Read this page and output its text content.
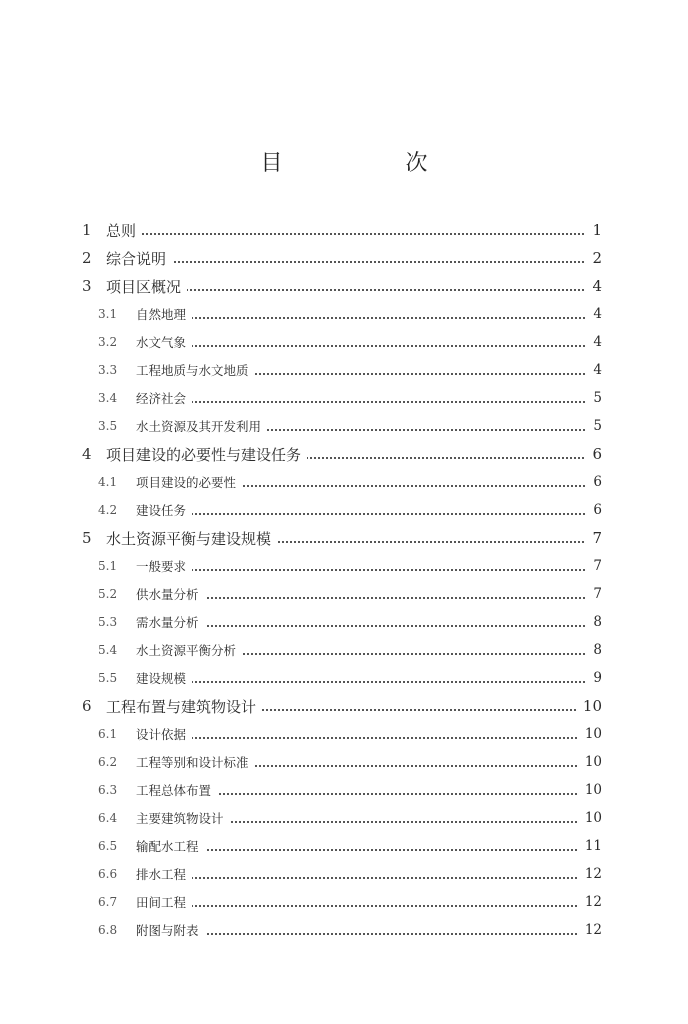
目 次
1 总则	1
2 综合说明	2
3 项目区概况	4
3.1 自然地理	4
3.2 水文气象	4
3.3 工程地质与水文地质	4
3.4 经济社会	5
3.5 水土资源及其开发利用	5
4 项目建设的必要性与建设任务	6
4.1 项目建设的必要性	6
4.2 建设任务	6
5 水土资源平衡与建设规模	7
5.1 一般要求	7
5.2 供水量分析	7
5.3 需水量分析	8
5.4 水土资源平衡分析	8
5.5 建设规模	9
6 工程布置与建筑物设计	10
6.1 设计依据	10
6.2 工程等别和设计标准	10
6.3 工程总体布置	10
6.4 主要建筑物设计	10
6.5 输配水工程	11
6.6 排水工程	12
6.7 田间工程	12
6.8 附图与附表	12
